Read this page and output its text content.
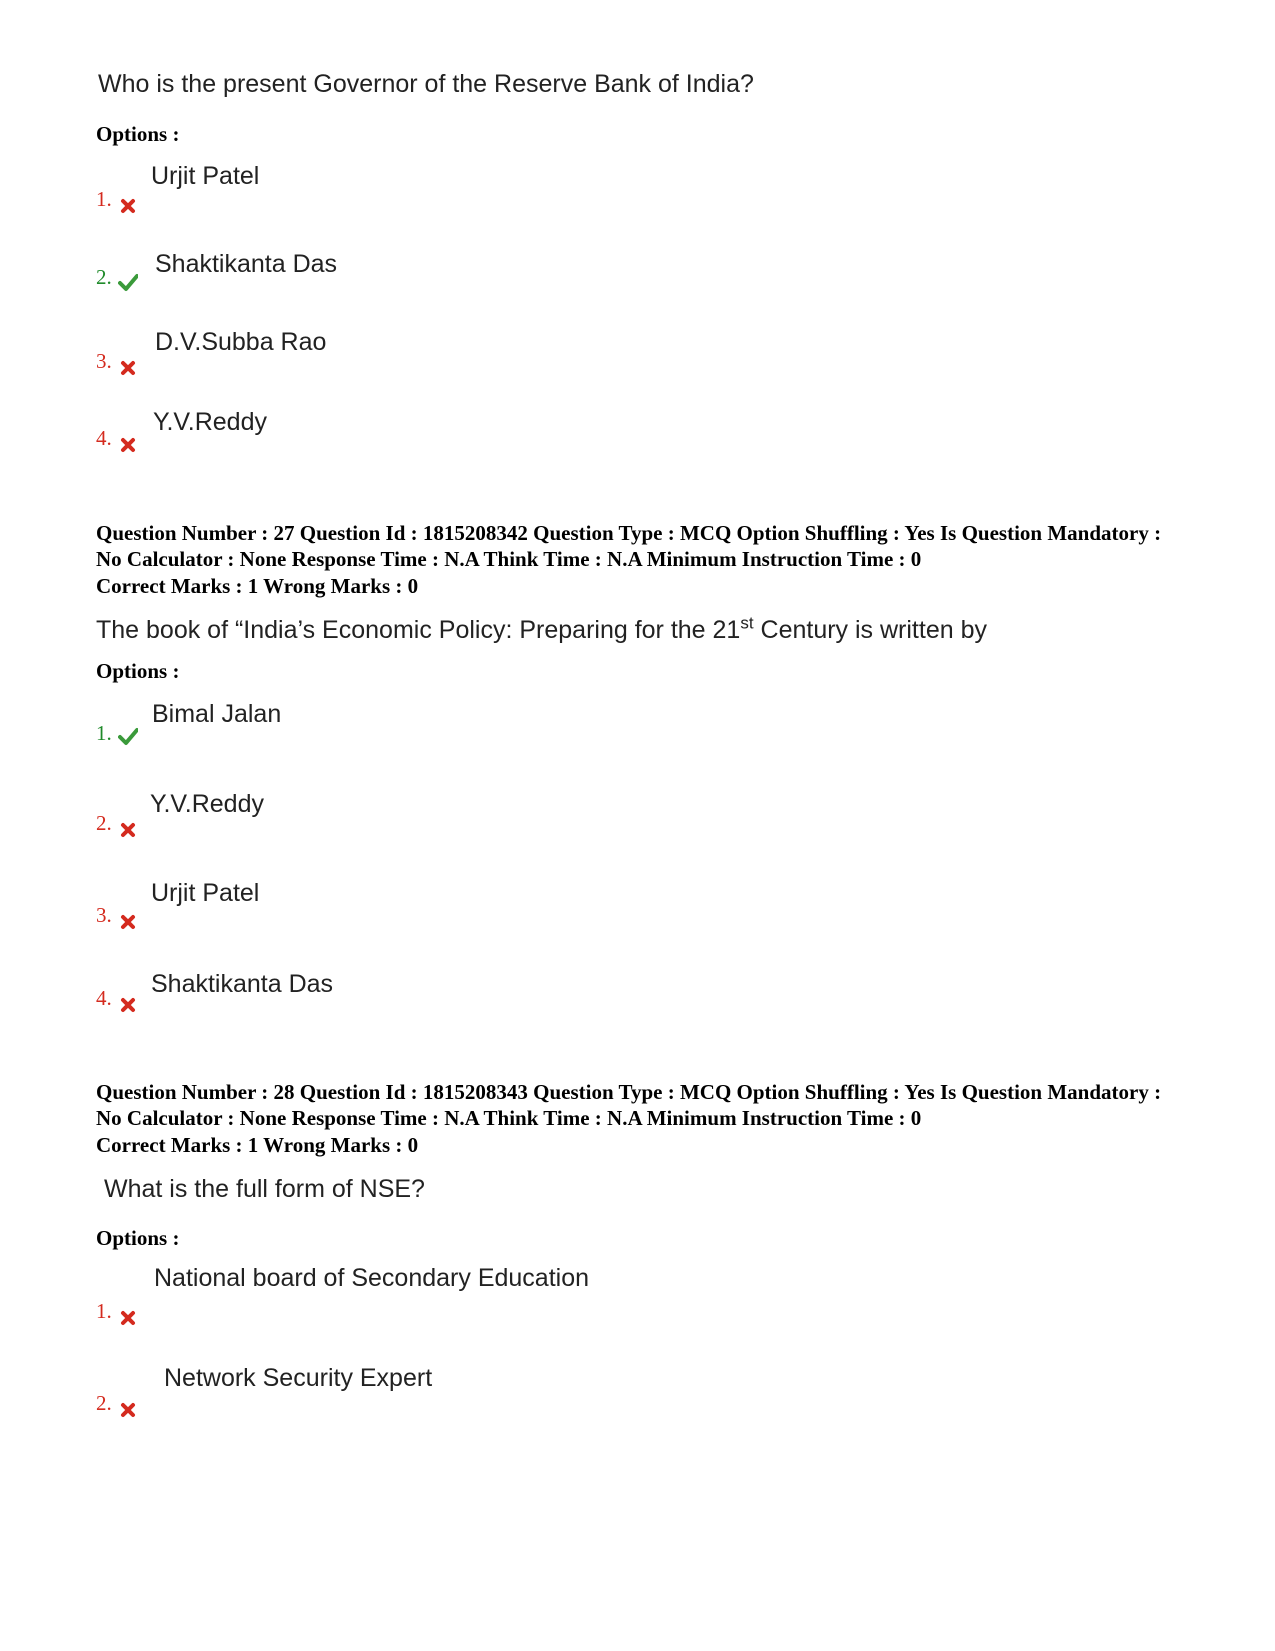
Who is the present Governor of the Reserve Bank of India?
Options :
Urjit Patel
1.
Shaktikanta Das
2.
D.V.Subba Rao
3.
Y.V.Reddy
4.
Question Number : 27 Question Id : 1815208342 Question Type : MCQ Option Shuffling : Yes Is Question Mandatory : No Calculator : None Response Time : N.A Think Time : N.A Minimum Instruction Time : 0
Correct Marks : 1 Wrong Marks : 0
The book of “India’s Economic Policy: Preparing for the 21st Century is written by
Options :
Bimal Jalan
1.
Y.V.Reddy
2.
Urjit Patel
3.
Shaktikanta Das
4.
Question Number : 28 Question Id : 1815208343 Question Type : MCQ Option Shuffling : Yes Is Question Mandatory : No Calculator : None Response Time : N.A Think Time : N.A Minimum Instruction Time : 0
Correct Marks : 1 Wrong Marks : 0
What is the full form of NSE?
Options :
National board of Secondary Education
1.
Network Security Expert
2.
